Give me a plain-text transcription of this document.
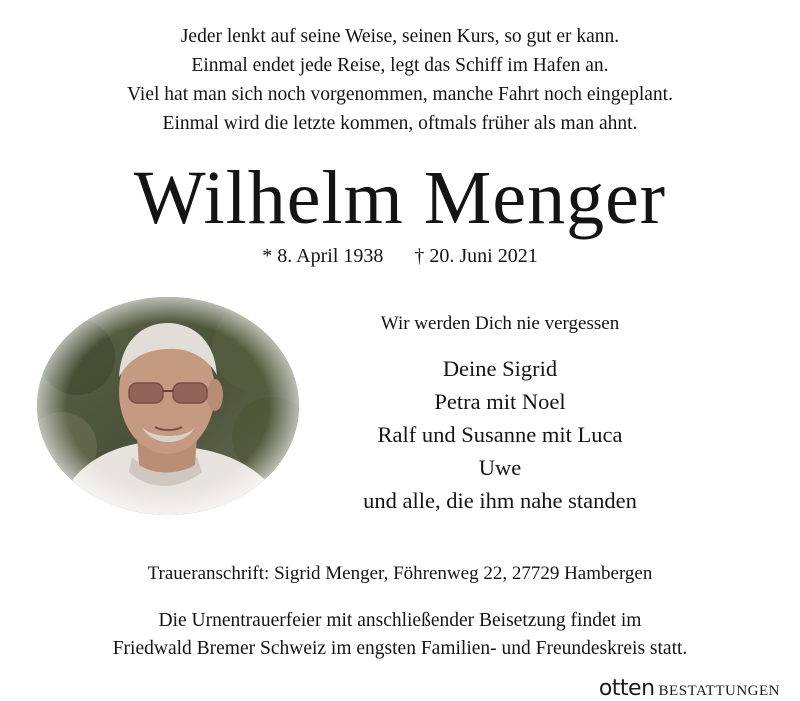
Jeder lenkt auf seine Weise, seinen Kurs, so gut er kann.
Einmal endet jede Reise, legt das Schiff im Hafen an.
Viel hat man sich noch vorgenommen, manche Fahrt noch eingeplant.
Einmal wird die letzte kommen, oftmals früher als man ahnt.
Wilhelm Menger
* 8. April 1938 † 20. Juni 2021
Wir werden Dich nie vergessen
Deine Sigrid
Petra mit Noel
Ralf und Susanne mit Luca
Uwe
und alle, die ihm nahe standen
Traueranschrift: Sigrid Menger, Föhrenweg 22, 27729 Hambergen
Die Urnentrauerfeier mit anschließender Beisetzung findet im
Friedwald Bremer Schweiz im engsten Familien- und Freundeskreis statt.
otten BESTATTUNGEN
